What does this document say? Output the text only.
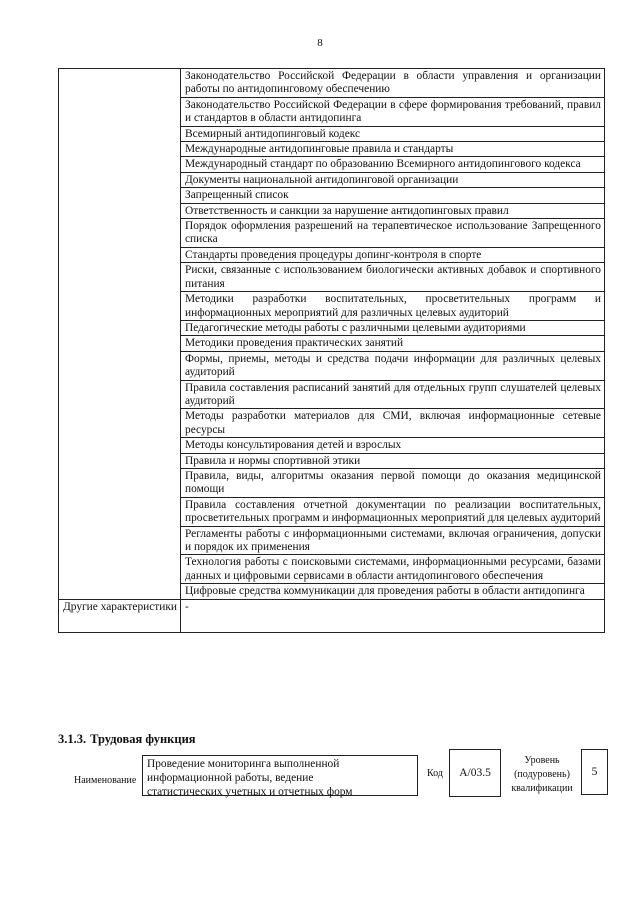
8
	Законодательство Российской Федерации в области управления и организации работы по антидопинговому обеспечению
	Законодательство Российской Федерации в сфере формирования требований, правил и стандартов в области антидопинга
	Всемирный антидопинговый кодекс
	Международные антидопинговые правила и стандарты
	Международный стандарт по образованию Всемирного антидопингового кодекса
	Документы национальной антидопинговой организации
	Запрещенный список
	Ответственность и санкции за нарушение антидопинговых правил
	Порядок оформления разрешений на терапевтическое использование Запрещенного списка
	Стандарты проведения процедуры допинг-контроля в спорте
	Риски, связанные с использованием биологически активных добавок и спортивного питания
	Методики разработки воспитательных, просветительных программ и информационных мероприятий для различных целевых аудиторий
	Педагогические методы работы с различными целевыми аудиториями
	Методики проведения практических занятий
	Формы, приемы, методы и средства подачи информации для различных целевых аудиторий
	Правила составления расписаний занятий для отдельных групп слушателей целевых аудиторий
	Методы разработки материалов для СМИ, включая информационные сетевые ресурсы
	Методы консультирования детей и взрослых
	Правила и нормы спортивной этики
	Правила, виды, алгоритмы оказания первой помощи до оказания медицинской помощи
	Правила составления отчетной документации по реализации воспитательных, просветительных программ и информационных мероприятий для целевых аудиторий
	Регламенты работы с информационными системами, включая ограничения, допуски и порядок их применения
	Технология работы с поисковыми системами, информационными ресурсами, базами данных и цифровыми сервисами в области антидопингового обеспечения
	Цифровые средства коммуникации для проведения работы в области антидопинга
Другие характеристики	-
3.1.3. Трудовая функция
Наименование
Проведение мониторинга выполненной
информационной работы, ведение
статистических учетных и отчетных форм
Код	A/03.5
Уровень (подуровень) квалификации
5
